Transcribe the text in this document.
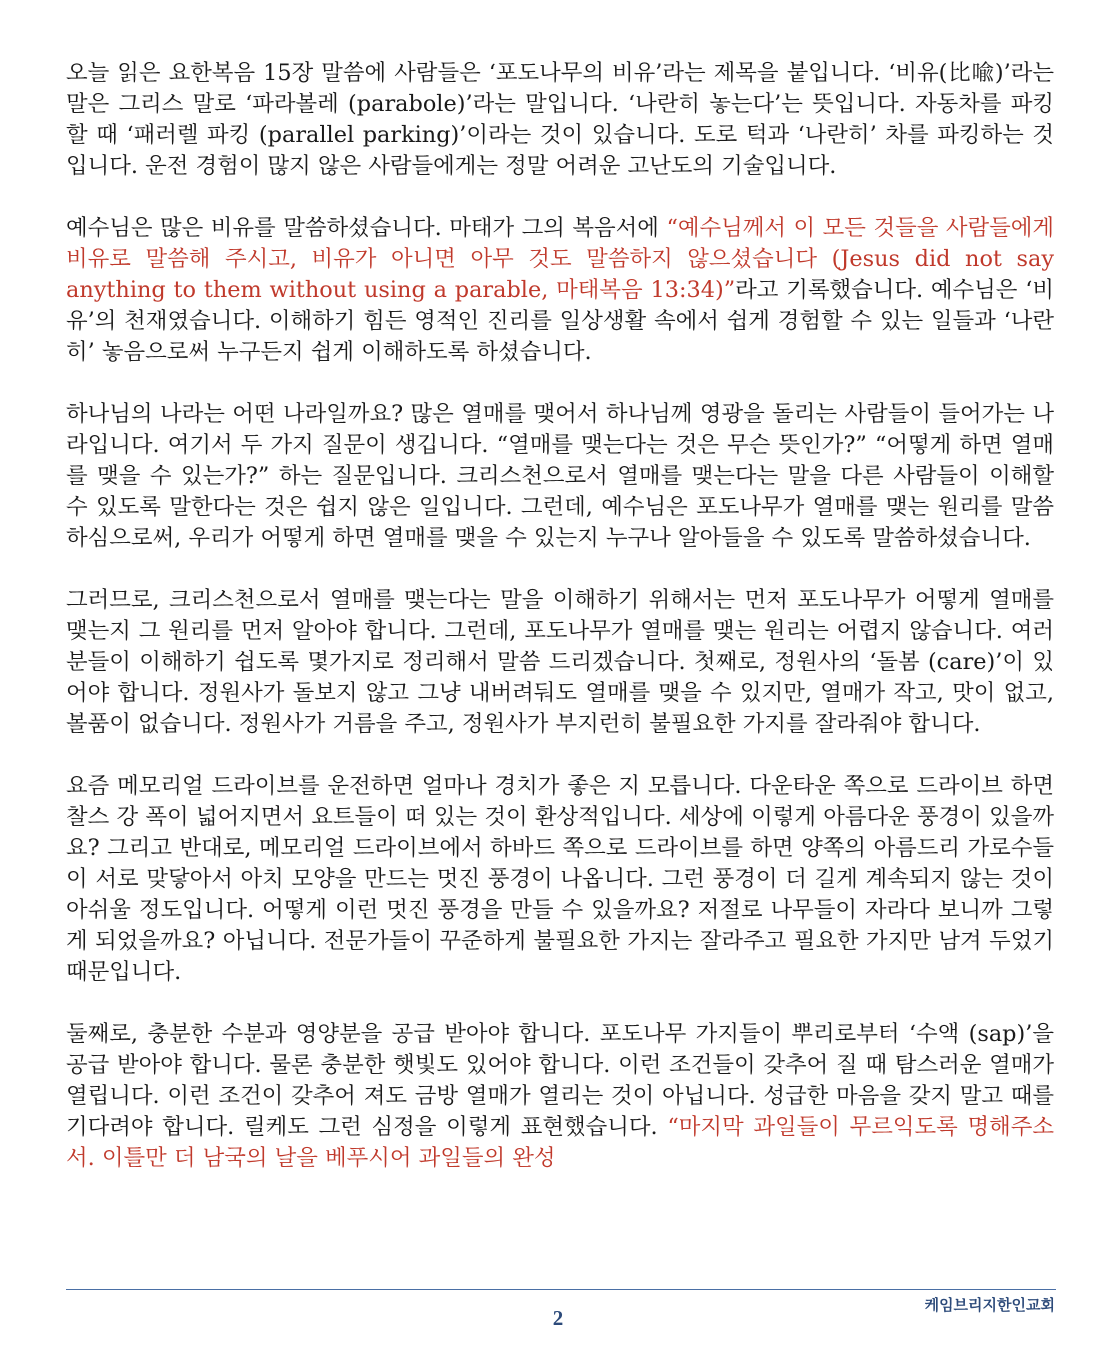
오늘 읽은 요한복음 15장 말씀에 사람들은 ‘포도나무의 비유’라는 제목을 붙입니다. ‘비유(比喩)’라는 말은 그리스 말로 ‘파라볼레 (parabole)’라는 말입니다. ‘나란히 놓는다’는 뜻입니다. 자동차를 파킹할 때 ‘패러렐 파킹 (parallel parking)’이라는 것이 있습니다. 도로 턱과 ‘나란히’ 차를 파킹하는 것입니다. 운전 경험이 많지 않은 사람들에게는 정말 어려운 고난도의 기술입니다.

예수님은 많은 비유를 말씀하셨습니다. 마태가 그의 복음서에 “예수님께서 이 모든 것들을 사람들에게 비유로 말씀해 주시고, 비유가 아니면 아무 것도 말씀하지 않으셨습니다 (Jesus did not say anything to them without using a parable, 마태복음 13:34)”라고 기록했습니다. 예수님은 ‘비유’의 천재였습니다. 이해하기 힘든 영적인 진리를 일상생활 속에서 쉽게 경험할 수 있는 일들과 ‘나란히’ 놓음으로써 누구든지 쉽게 이해하도록 하셨습니다.

하나님의 나라는 어떤 나라일까요? 많은 열매를 맺어서 하나님께 영광을 돌리는 사람들이 들어가는 나라입니다. 여기서 두 가지 질문이 생깁니다. “열매를 맺는다는 것은 무슨 뜻인가?” “어떻게 하면 열매를 맺을 수 있는가?” 하는 질문입니다. 크리스천으로서 열매를 맺는다는 말을 다른 사람들이 이해할 수 있도록 말한다는 것은 쉽지 않은 일입니다. 그런데, 예수님은 포도나무가 열매를 맺는 원리를 말씀하심으로써, 우리가 어떻게 하면 열매를 맺을 수 있는지 누구나 알아들을 수 있도록 말씀하셨습니다.

그러므로, 크리스천으로서 열매를 맺는다는 말을 이해하기 위해서는 먼저 포도나무가 어떻게 열매를 맺는지 그 원리를 먼저 알아야 합니다. 그런데, 포도나무가 열매를 맺는 원리는 어렵지 않습니다. 여러분들이 이해하기 쉽도록 몇가지로 정리해서 말씀 드리겠습니다. 첫째로, 정원사의 ‘돌봄 (care)’이 있어야 합니다. 정원사가 돌보지 않고 그냥 내버려둬도 열매를 맺을 수 있지만, 열매가 작고, 맛이 없고, 볼품이 없습니다. 정원사가 거름을 주고, 정원사가 부지런히 불필요한 가지를 잘라줘야 합니다.

요즘 메모리얼 드라이브를 운전하면 얼마나 경치가 좋은 지 모릅니다. 다운타운 쪽으로 드라이브 하면 찰스 강 폭이 넓어지면서 요트들이 떠 있는 것이 환상적입니다. 세상에 이렇게 아름다운 풍경이 있을까요? 그리고 반대로, 메모리얼 드라이브에서 하바드 쪽으로 드라이브를 하면 양쪽의 아름드리 가로수들이 서로 맞닿아서 아치 모양을 만드는 멋진 풍경이 나옵니다. 그런 풍경이 더 길게 계속되지 않는 것이 아쉬울 정도입니다. 어떻게 이런 멋진 풍경을 만들 수 있을까요? 저절로 나무들이 자라다 보니까 그렇게 되었을까요? 아닙니다. 전문가들이 꾸준하게 불필요한 가지는 잘라주고 필요한 가지만 남겨 두었기 때문입니다.

둘째로, 충분한 수분과 영양분을 공급 받아야 합니다. 포도나무 가지들이 뿌리로부터 ‘수액 (sap)’을 공급 받아야 합니다. 물론 충분한 햇빛도 있어야 합니다. 이런 조건들이 갖추어 질 때 탐스러운 열매가 열립니다. 이런 조건이 갖추어 져도 금방 열매가 열리는 것이 아닙니다. 성급한 마음을 갖지 말고 때를 기다려야 합니다. 릴케도 그런 심정을 이렇게 표현했습니다. “마지막 과일들이 무르익도록 명해주소서. 이틀만 더 남국의 날을 베푸시어 과일들의 완성

케임브리지한인교회
2
